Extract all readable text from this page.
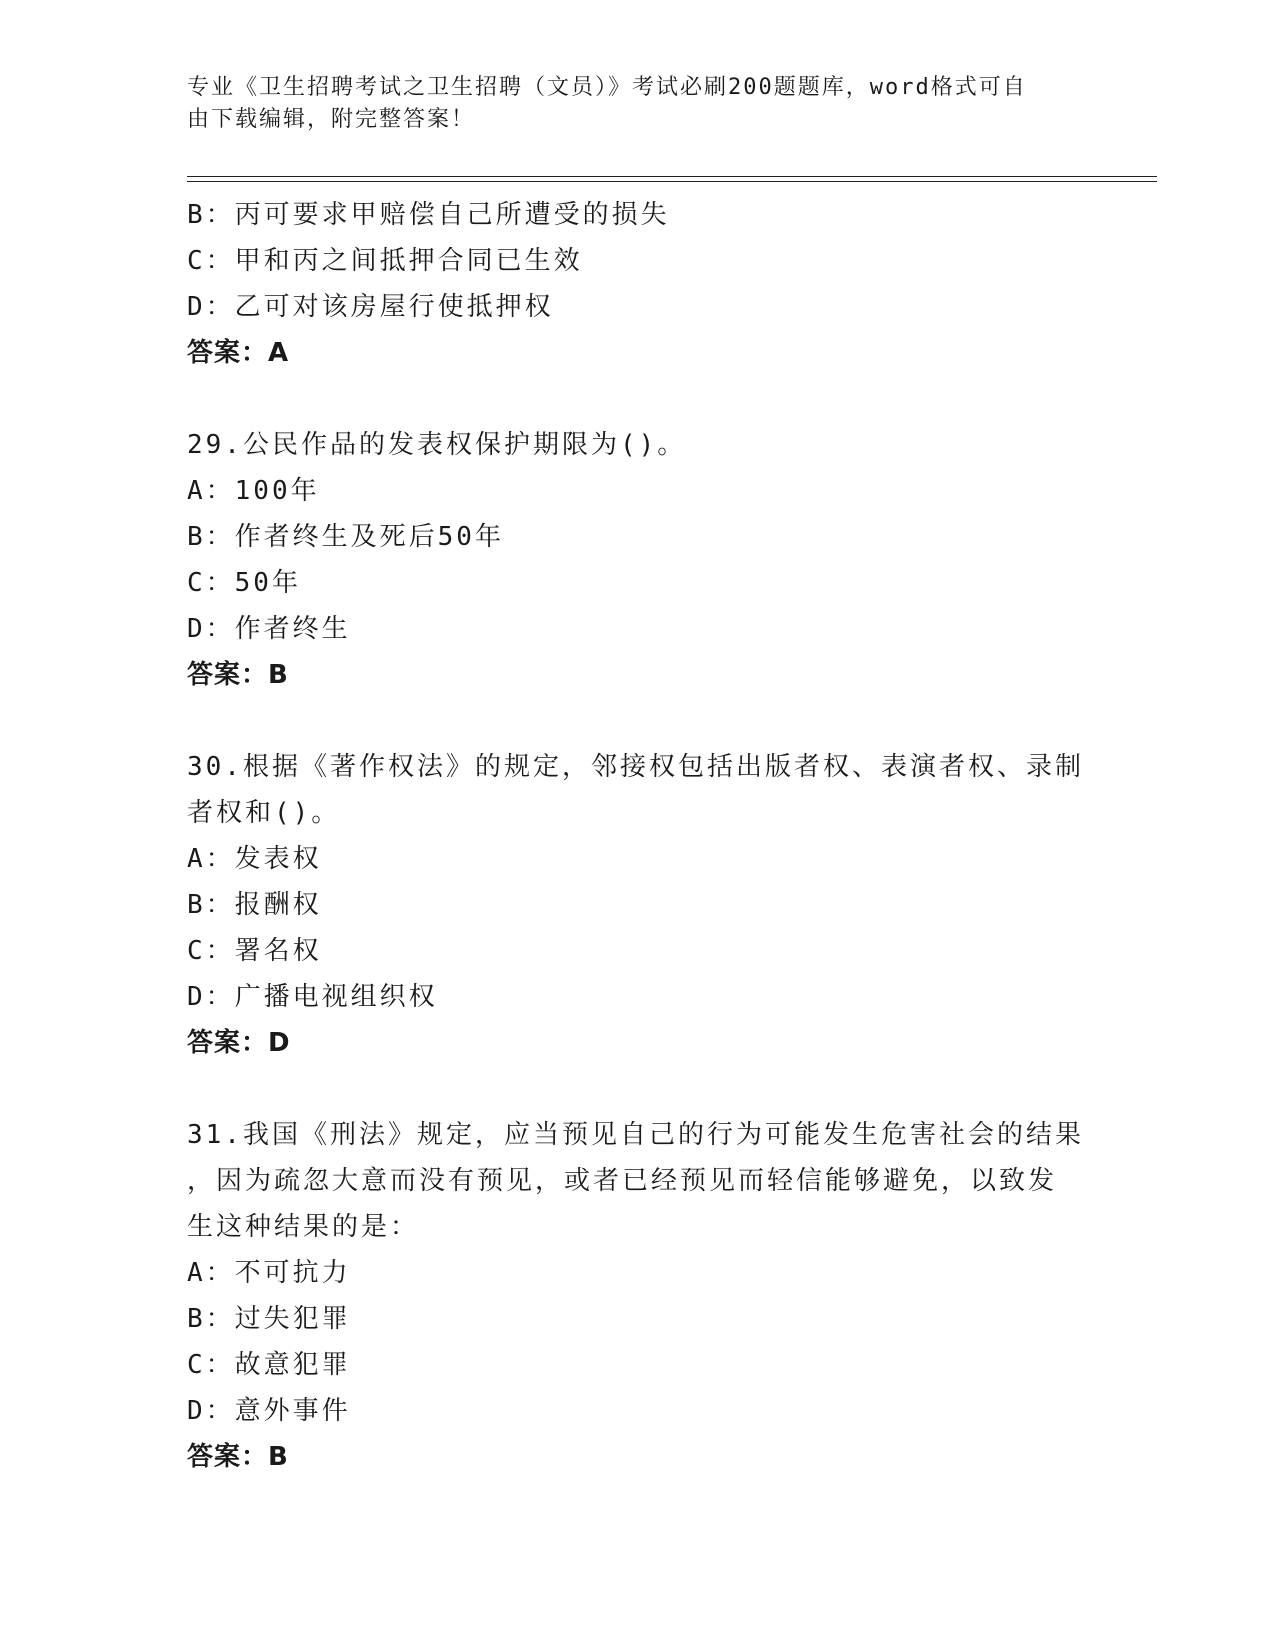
专业《卫生招聘考试之卫生招聘（文员）》考试必刷200题题库，word格式可自
由下载编辑，附完整答案！
B：丙可要求甲赔偿自己所遭受的损失
C：甲和丙之间抵押合同已生效
D：乙可对该房屋行使抵押权
答案：A
29.公民作品的发表权保护期限为()。
A：100年
B：作者终生及死后50年
C：50年
D：作者终生
答案：B
30.根据《著作权法》的规定，邻接权包括出版者权、表演者权、录制
者权和()。
A：发表权
B：报酬权
C：署名权
D：广播电视组织权
答案：D
31.我国《刑法》规定，应当预见自己的行为可能发生危害社会的结果
，因为疏忽大意而没有预见，或者已经预见而轻信能够避免，以致发
生这种结果的是：
A：不可抗力
B：过失犯罪
C：故意犯罪
D：意外事件
答案：B
